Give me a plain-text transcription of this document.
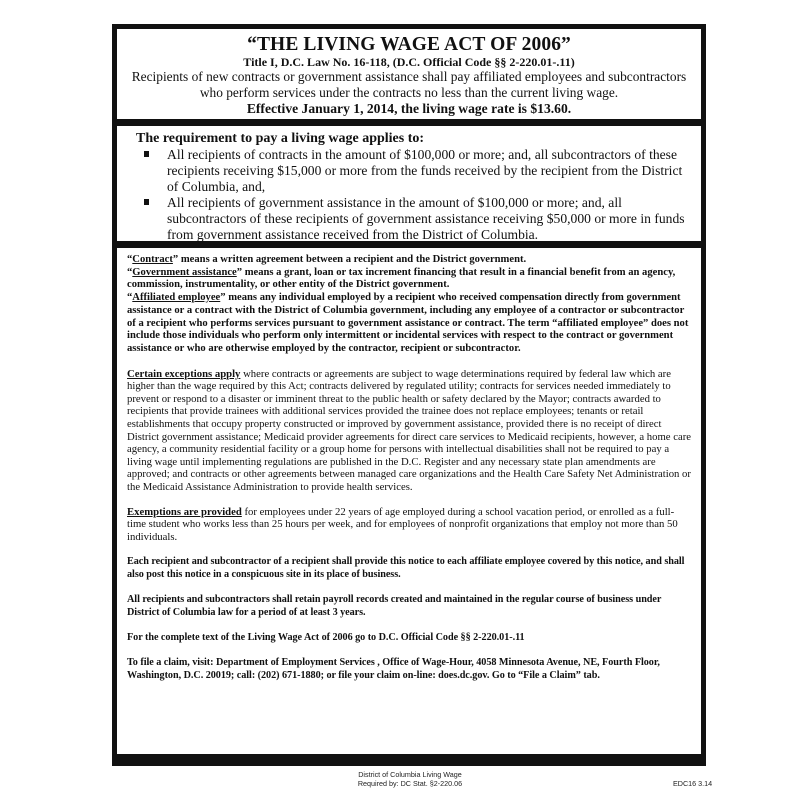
“THE LIVING WAGE ACT OF 2006”
Title I, D.C. Law No. 16-118, (D.C. Official Code §§ 2-220.01-.11)
Recipients of new contracts or government assistance shall pay affiliated employees and subcontractors who perform services under the contracts no less than the current living wage.
Effective January 1, 2014, the living wage rate is $13.60.
The requirement to pay a living wage applies to:
All recipients of contracts in the amount of $100,000 or more; and, all subcontractors of these recipients receiving $15,000 or more from the funds received by the recipient from the District of Columbia, and,
All recipients of government assistance in the amount of $100,000 or more; and, all subcontractors of these recipients of government assistance receiving $50,000 or more in funds from government assistance received from the District of Columbia.

“Contract” means a written agreement between a recipient and the District government.

“Government assistance” means a grant, loan or tax increment financing that result in a financial benefit from an agency, commission, instrumentality, or other entity of the District government.

“Affiliated employee” means any individual employed by a recipient who received compensation directly from government assistance or a contract with the District of Columbia government, including any employee of a contractor or subcontractor of a recipient who performs services pursuant to government assistance or contract. The term “affiliated employee” does not include those individuals who perform only intermittent or incidental services with respect to the contract or government assistance or who are otherwise employed by the contractor, recipient or subcontractor.

Certain exceptions apply where contracts or agreements are subject to wage determinations required by federal law which are higher than the wage required by this Act; contracts delivered by regulated utility; contracts for services needed immediately to prevent or respond to a disaster or imminent threat to the public health or safety declared by the Mayor; contracts awarded to recipients that provide trainees with additional services provided the trainee does not replace employees; tenants or retail establishments that occupy property constructed or improved by government assistance, provided there is no receipt of direct District government assistance; Medicaid provider agreements for direct care services to Medicaid recipients, however, a home care agency, a community residential facility or a group home for persons with intellectual disabilities shall not be required to pay a living wage until implementing regulations are published in the D.C. Register and any necessary state plan amendments are approved; and contracts or other agreements between managed care organizations and the Health Care Safety Net Administration or the Medicaid Assistance Administration to provide health services.

Exemptions are provided for employees under 22 years of age employed during a school vacation period, or enrolled as a full-time student who works less than 25 hours per week, and for employees of nonprofit organizations that employ not more than 50 individuals.

Each recipient and subcontractor of a recipient shall provide this notice to each affiliate employee covered by this notice, and shall also post this notice in a conspicuous site in its place of business.

All recipients and subcontractors shall retain payroll records created and maintained in the regular course of business under District of Columbia law for a period of at least 3 years.

For the complete text of the Living Wage Act of 2006 go to D.C. Official Code §§ 2-220.01-.11

To file a claim, visit: Department of Employment Services , Office of Wage-Hour, 4058 Minnesota Avenue, NE, Fourth Floor, Washington, D.C. 20019; call: (202) 671-1880; or file your claim on-line: does.dc.gov. Go to “File a Claim” tab.

District of Columbia Living Wage
Required by: DC Stat. §2-220.06	EDC16 3.14
